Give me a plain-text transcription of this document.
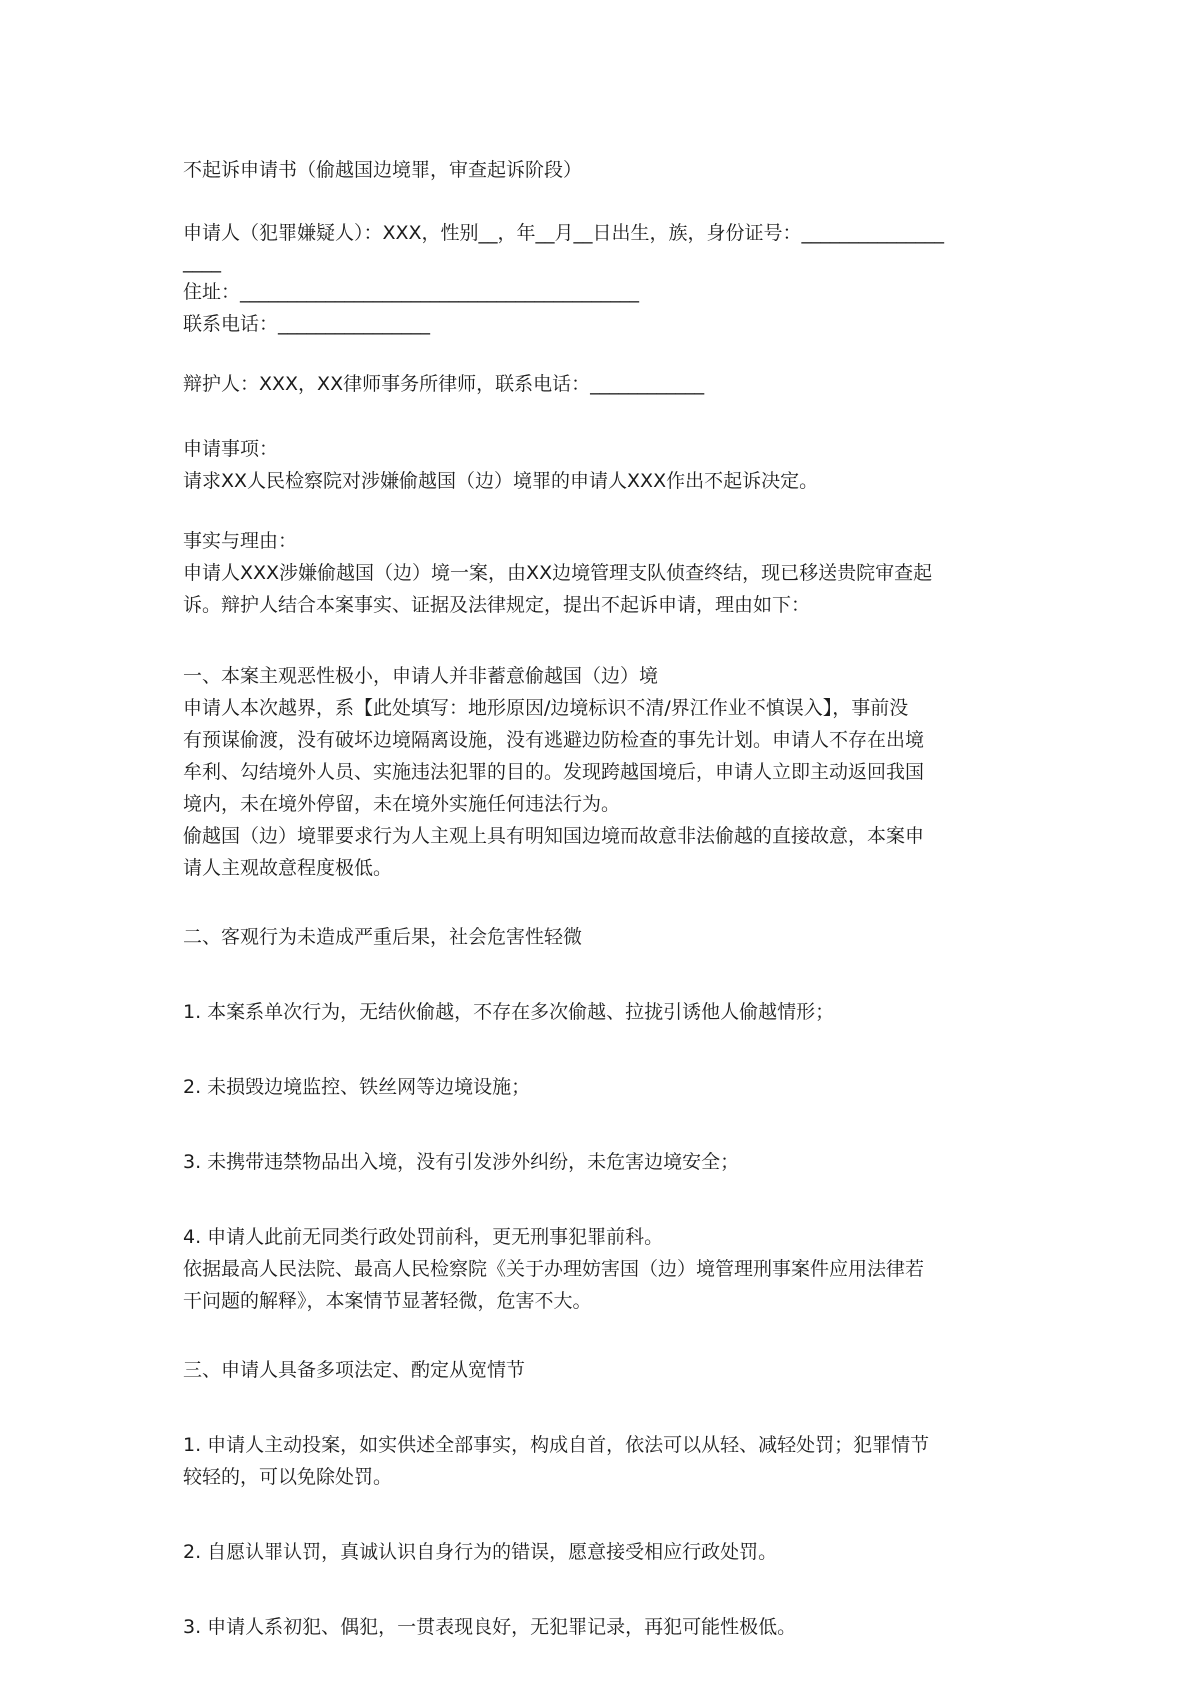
不起诉申请书（偷越国边境罪，审查起诉阶段）
申请人（犯罪嫌疑人）：XXX，性别__，年__月__日出生，族，身份证号：_______________
____
住址：__________________________________________
联系电话：________________
辩护人：XXX，XX律师事务所律师，联系电话：____________
申请事项：
请求XX人民检察院对涉嫌偷越国（边）境罪的申请人XXX作出不起诉决定。
事实与理由：
申请人XXX涉嫌偷越国（边）境一案，由XX边境管理支队侦查终结，现已移送贵院审查起
诉。辩护人结合本案事实、证据及法律规定，提出不起诉申请，理由如下：
一、本案主观恶性极小，申请人并非蓄意偷越国（边）境
申请人本次越界，系【此处填写：地形原因/边境标识不清/界江作业不慎误入】，事前没
有预谋偷渡，没有破坏边境隔离设施，没有逃避边防检查的事先计划。申请人不存在出境
牟利、勾结境外人员、实施违法犯罪的目的。发现跨越国境后，申请人立即主动返回我国
境内，未在境外停留，未在境外实施任何违法行为。
偷越国（边）境罪要求行为人主观上具有明知国边境而故意非法偷越的直接故意，本案申
请人主观故意程度极低。
二、客观行为未造成严重后果，社会危害性轻微
1. 本案系单次行为，无结伙偷越，不存在多次偷越、拉拢引诱他人偷越情形；
2. 未损毁边境监控、铁丝网等边境设施；
3. 未携带违禁物品出入境，没有引发涉外纠纷，未危害边境安全；
4. 申请人此前无同类行政处罚前科，更无刑事犯罪前科。
依据最高人民法院、最高人民检察院《关于办理妨害国（边）境管理刑事案件应用法律若
干问题的解释》，本案情节显著轻微，危害不大。
三、申请人具备多项法定、酌定从宽情节
1. 申请人主动投案，如实供述全部事实，构成自首，依法可以从轻、减轻处罚；犯罪情节
较轻的，可以免除处罚。
2. 自愿认罪认罚，真诚认识自身行为的错误，愿意接受相应行政处罚。
3. 申请人系初犯、偶犯，一贯表现良好，无犯罪记录，再犯可能性极低。
